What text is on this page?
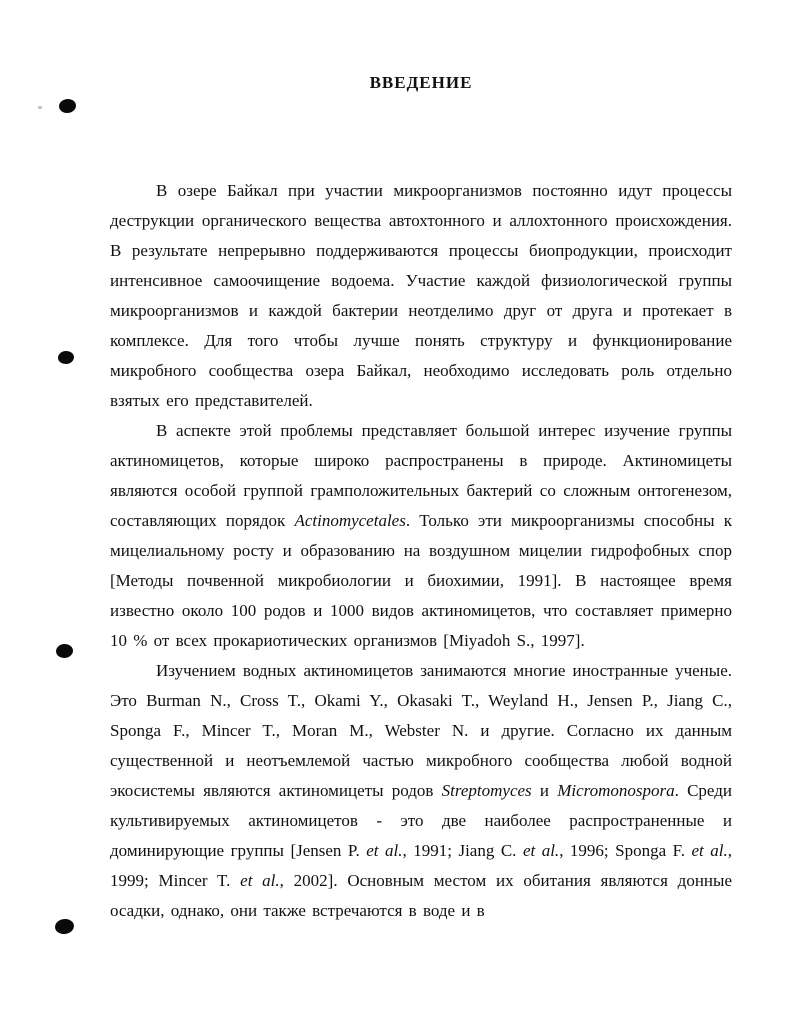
ВВЕДЕНИЕ

В озере Байкал при участии микроорганизмов постоянно идут процессы деструкции органического вещества автохтонного и аллохтонного происхождения. В результате непрерывно поддерживаются процессы биопродукции, происходит интенсивное самоочищение водоема. Участие каждой физиологической группы микроорганизмов и каждой бактерии неотделимо друг от друга и протекает в комплексе. Для того чтобы лучше понять структуру и функционирование микробного сообщества озера Байкал, необходимо исследовать роль отдельно взятых его представителей.

В аспекте этой проблемы представляет большой интерес изучение группы актиномицетов, которые широко распространены в природе. Актиномицеты являются особой группой грамположительных бактерий со сложным онтогенезом, составляющих порядок Actinomycetales. Только эти микроорганизмы способны к мицелиальному росту и образованию на воздушном мицелии гидрофобных спор [Методы почвенной микробиологии и биохимии, 1991]. В настоящее время известно около 100 родов и 1000 видов актиномицетов, что составляет примерно 10 % от всех прокариотических организмов [Miyadoh S., 1997].

Изучением водных актиномицетов занимаются многие иностранные ученые. Это Burman N., Cross T., Okami Y., Okasaki T., Weyland H., Jensen P., Jiang C., Sponga F., Mincer T., Moran M., Webster N. и другие. Согласно их данным существенной и неотъемлемой частью микробного сообщества любой водной экосистемы являются актиномицеты родов Streptomyces и Micromonospora. Среди культивируемых актиномицетов - это две наиболее распространенные и доминирующие группы [Jensen P. et al., 1991; Jiang C. et al., 1996; Sponga F. et al., 1999; Mincer T. et al., 2002]. Основным местом их обитания являются донные осадки, однако, они также встречаются в воде и в
